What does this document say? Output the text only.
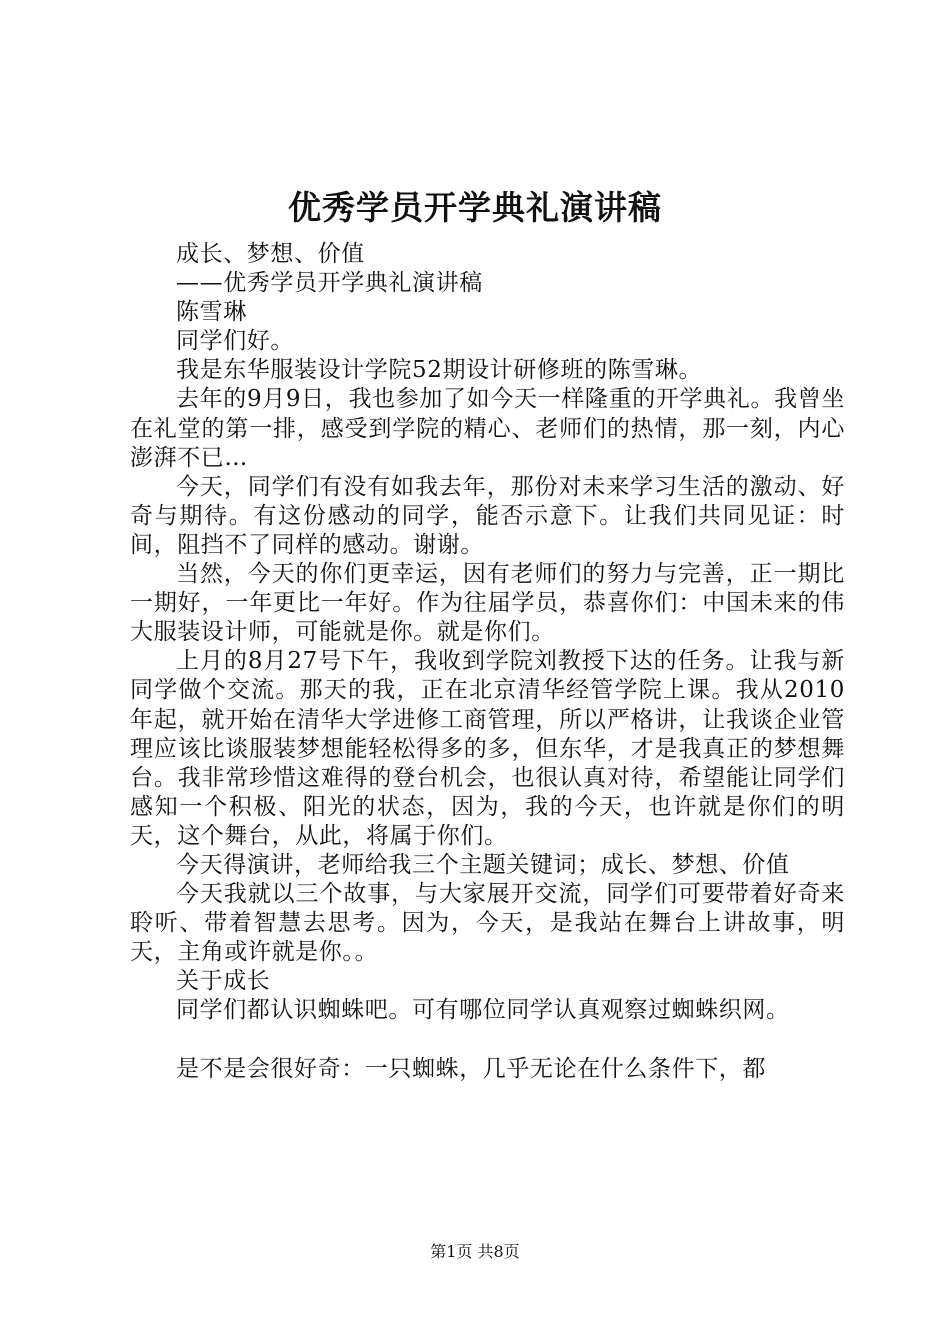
优秀学员开学典礼演讲稿

成长、梦想、价值

——优秀学员开学典礼演讲稿

陈雪琳

同学们好。

我是东华服装设计学院52期设计研修班的陈雪琳。

去年的9月9日，我也参加了如今天一样隆重的开学典礼。我曾坐在礼堂的第一排，感受到学院的精心、老师们的热情，那一刻，内心澎湃不已…

今天，同学们有没有如我去年，那份对未来学习生活的激动、好奇与期待。有这份感动的同学，能否示意下。让我们共同见证：时间，阻挡不了同样的感动。谢谢。

当然，今天的你们更幸运，因有老师们的努力与完善，正一期比一期好，一年更比一年好。作为往届学员，恭喜你们：中国未来的伟大服装设计师，可能就是你。就是你们。

上月的8月27号下午，我收到学院刘教授下达的任务。让我与新同学做个交流。那天的我，正在北京清华经管学院上课。我从2010年起，就开始在清华大学进修工商管理，所以严格讲，让我谈企业管理应该比谈服装梦想能轻松得多的多，但东华，才是我真正的梦想舞台。我非常珍惜这难得的登台机会，也很认真对待，希望能让同学们感知一个积极、阳光的状态，因为，我的今天，也许就是你们的明天，这个舞台，从此，将属于你们。

今天得演讲，老师给我三个主题关键词；成长、梦想、价值

今天我就以三个故事，与大家展开交流，同学们可要带着好奇来聆听、带着智慧去思考。因为，今天，是我站在舞台上讲故事，明天，主角或许就是你。。

关于成长

同学们都认识蜘蛛吧。可有哪位同学认真观察过蜘蛛织网。

是不是会很好奇：一只蜘蛛，几乎无论在什么条件下，都

第1页 共8页
